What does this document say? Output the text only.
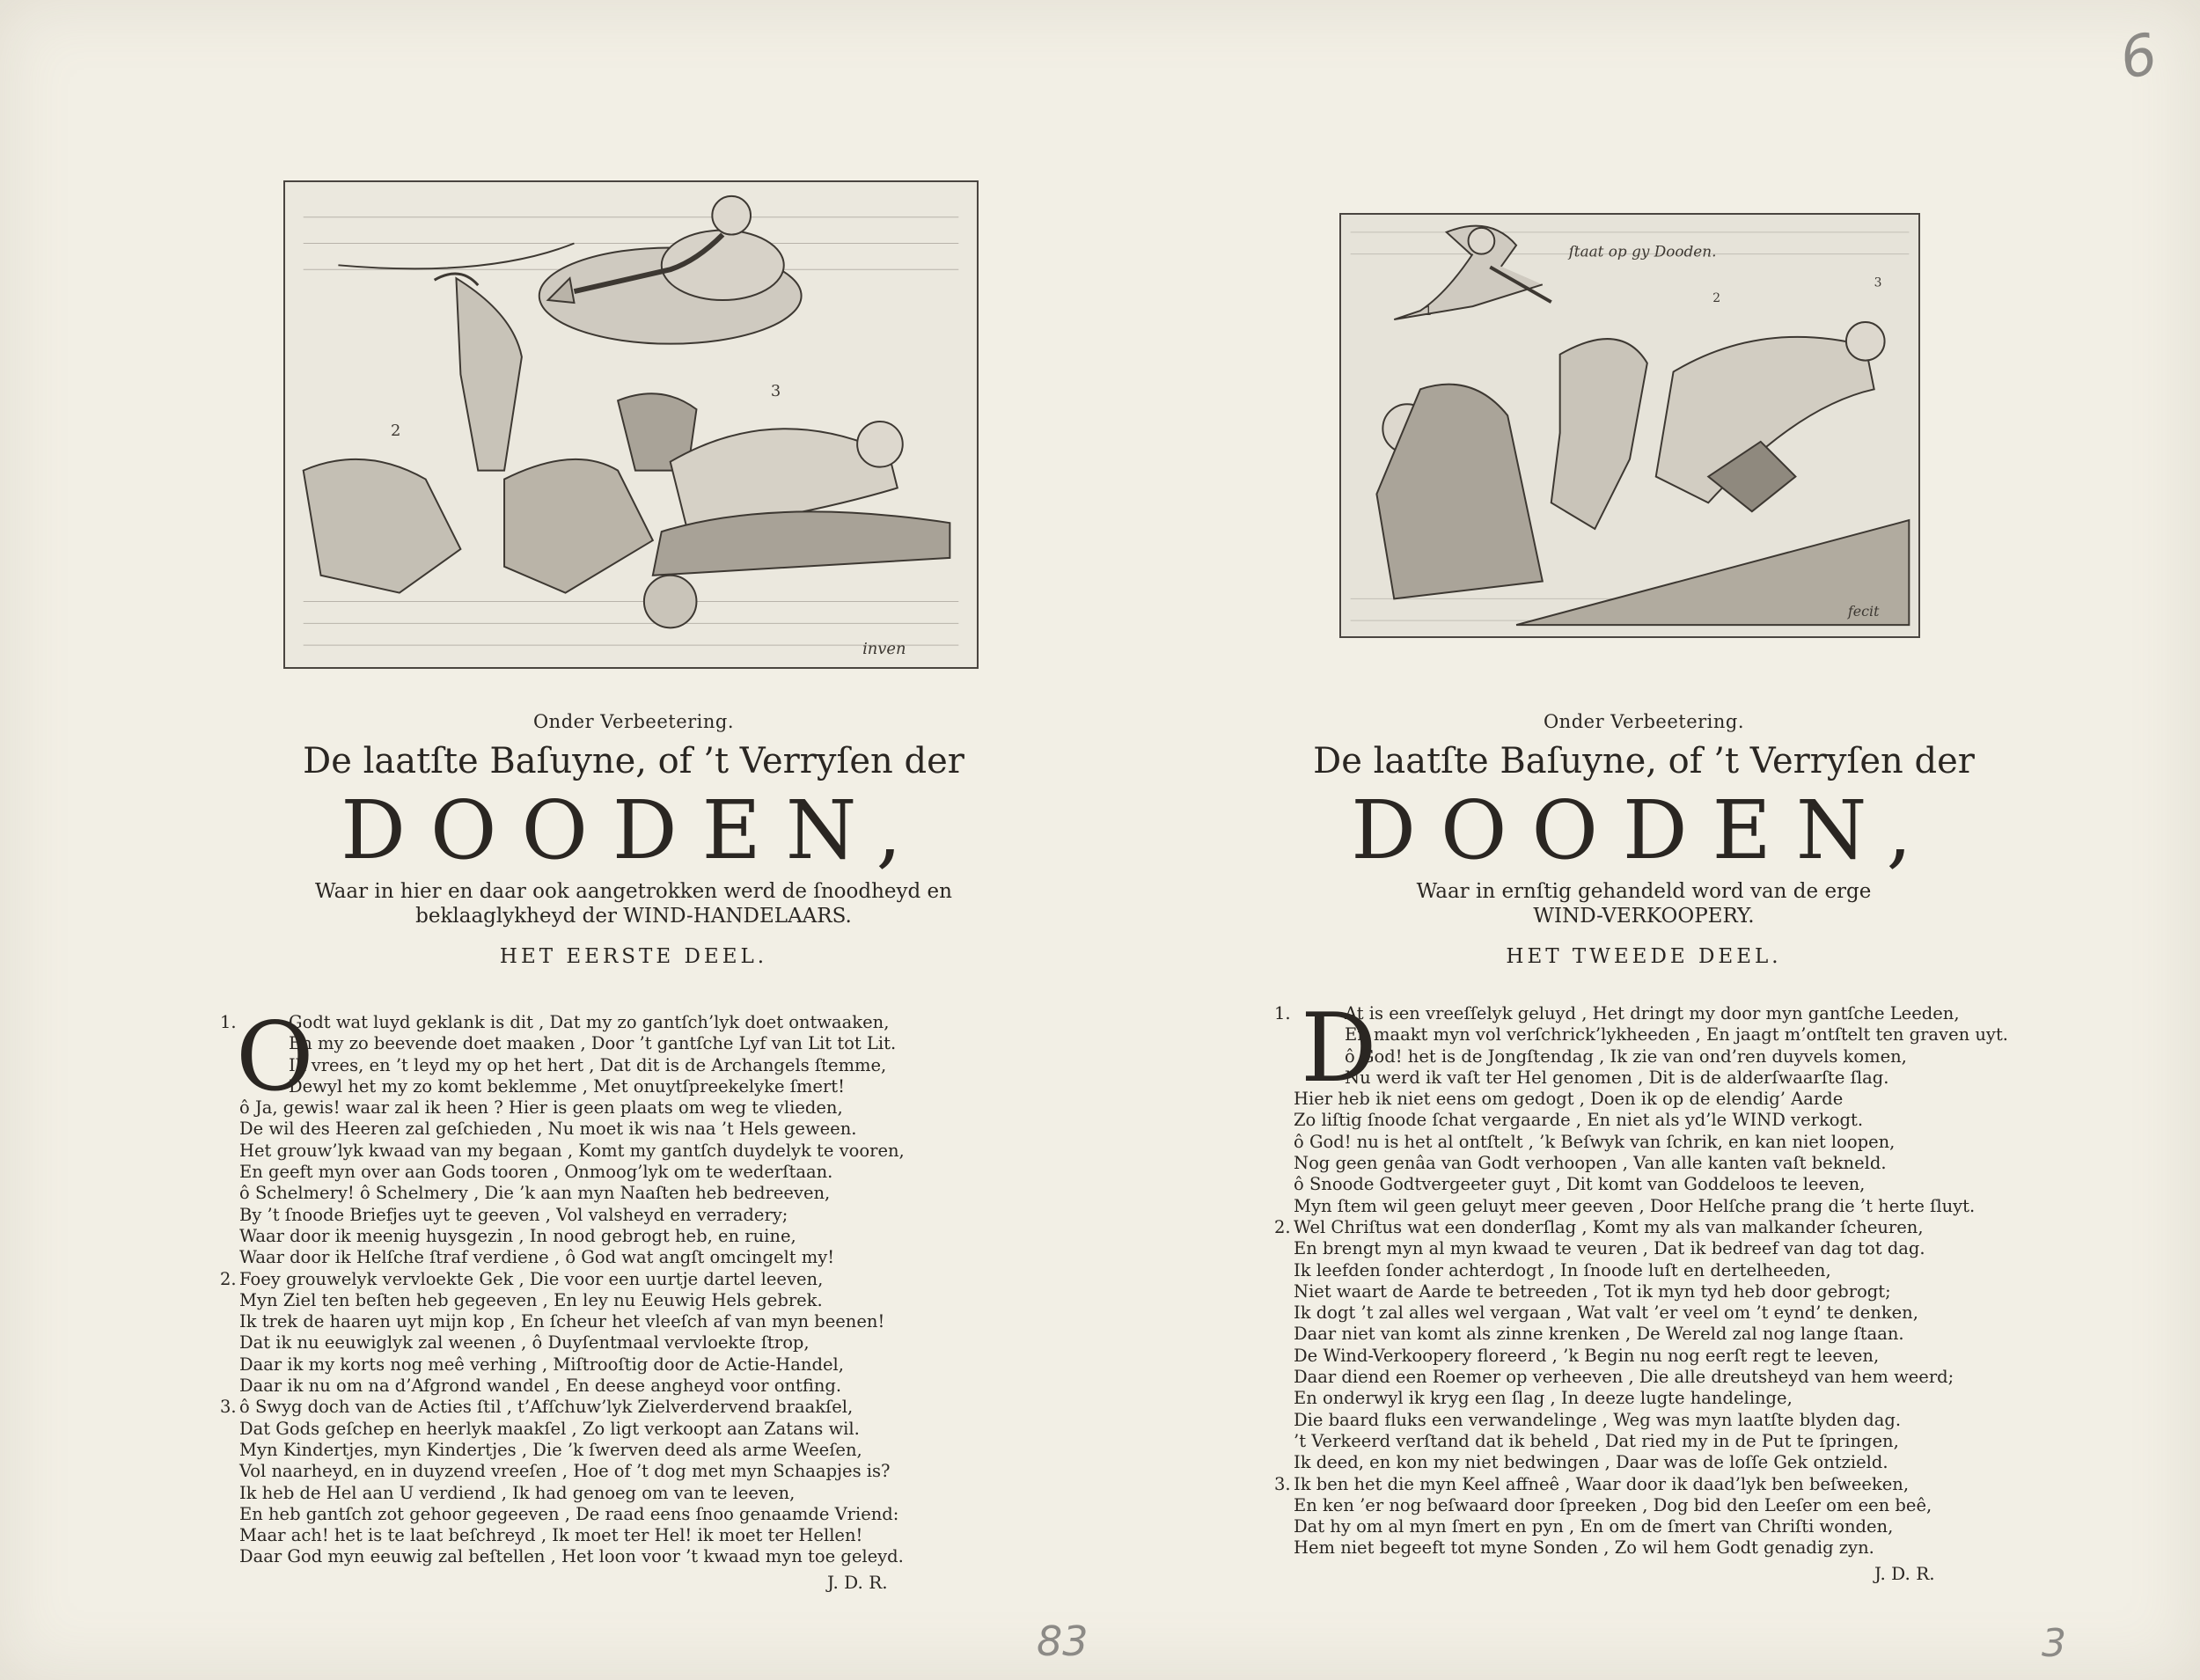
6
83	3
2
3
inven
ſtaat op gy Dooden.
1
2
3
fecit
Onder Verbeetering.
De laatſte Baſuyne, of ’t Verryſen der
DOODEN,
Waar in hier en daar ook aangetrokken werd de ſnoodheyd en
beklaaglykheyd der WIND-HANDELAARS.
HET EERSTE DEEL.
Onder Verbeetering.
De laatſte Baſuyne, of ’t Verryſen der
DOODEN,
Waar in ernſtig gehandeld word van de erge
WIND-VERKOOPERY.
HET TWEEDE DEEL.
O
1.	Godt wat luyd geklank is dit , Dat my zo gantſch’lyk doet ontwaaken,
En my zo beevende doet maaken , Door ’t gantſche Lyf van Lit tot Lit.
Ik vrees, en ’t leyd my op het hert , Dat dit is de Archangels ſtemme,
Dewyl het my zo komt beklemme , Met onuytſpreekelyke ſmert!
ô Ja, gewis! waar zal ik heen ? Hier is geen plaats om weg te vlieden,
De wil des Heeren zal geſchieden , Nu moet ik wis naa ’t Hels geween.
Het grouw’lyk kwaad van my begaan , Komt my gantſch duydelyk te vooren,
En geeft myn over aan Gods tooren , Onmoog’lyk om te wederſtaan.
ô Schelmery! ô Schelmery , Die ’k aan myn Naaſten heb bedreeven,
By ’t ſnoode Briefjes uyt te geeven , Vol valsheyd en verradery;
Waar door ik meenig huysgezin , In nood gebrogt heb, en ruine,
Waar door ik Helſche ſtraf verdiene , ô God wat angſt omcingelt my!
2. Foey grouwelyk vervloekte Gek , Die voor een uurtje dartel leeven,
Myn Ziel ten beſten heb gegeeven , En ley nu Eeuwig Hels gebrek.
Ik trek de haaren uyt mijn kop , En ſcheur het vleeſch af van myn beenen!
Dat ik nu eeuwiglyk zal weenen , ô Duyſentmaal vervloekte ſtrop,
Daar ik my korts nog meê verhing , Miſtrooſtig door de Actie-Handel,
Daar ik nu om na d’Afgrond wandel , En deese angheyd voor ontfing.
3. ô Swyg doch van de Acties ſtil , t’Afſchuw’lyk Zielverdervend braakſel,
Dat Gods geſchep en heerlyk maakſel , Zo ligt verkoopt aan Zatans wil.
Myn Kindertjes, myn Kindertjes , Die ’k ſwerven deed als arme Weeſen,
Vol naarheyd, en in duyzend vreeſen , Hoe of ’t dog met myn Schaapjes is?
Ik heb de Hel aan U verdiend , Ik had genoeg om van te leeven,
En heb gantſch zot gehoor gegeeven , De raad eens ſnoo genaamde Vriend:
Maar ach! het is te laat beſchreyd , Ik moet ter Hel! ik moet ter Hellen!
Daar God myn eeuwig zal beſtellen , Het loon voor ’t kwaad myn toe geleyd.
J. D. R.
D
1.	At is een vreeſſelyk geluyd , Het dringt my door myn gantſche Leeden,
En maakt myn vol verſchrick’lykheeden , En jaagt m’ontſtelt ten graven uyt.
ô God! het is de Jongſtendag , Ik zie van ond’ren duyvels komen,
Nu werd ik vaſt ter Hel genomen , Dit is de alderſwaarſte ſlag.
Hier heb ik niet eens om gedogt , Doen ik op de elendig’ Aarde
Zo liſtig ſnoode ſchat vergaarde , En niet als yd’le WIND verkogt.
ô God! nu is het al ontſtelt , ’k Beſwyk van ſchrik, en kan niet loopen,
Nog geen genâa van Godt verhoopen , Van alle kanten vaſt bekneld.
ô Snoode Godtvergeeter guyt , Dit komt van Goddeloos te leeven,
Myn ſtem wil geen geluyt meer geeven , Door Helſche prang die ’t herte ſluyt.
2. Wel Chriſtus wat een donderſlag , Komt my als van malkander ſcheuren,
En brengt myn al myn kwaad te veuren , Dat ik bedreef van dag tot dag.
Ik leefden ſonder achterdogt , In ſnoode luſt en dertelheeden,
Niet waart de Aarde te betreeden , Tot ik myn tyd heb door gebrogt;
Ik dogt ’t zal alles wel vergaan , Wat valt ’er veel om ’t eynd’ te denken,
Daar niet van komt als zinne krenken , De Wereld zal nog lange ſtaan.
De Wind-Verkoopery floreerd , ’k Begin nu nog eerſt regt te leeven,
Daar diend een Roemer op verheeven , Die alle dreutsheyd van hem weerd;
En onderwyl ik kryg een ſlag , In deeze lugte handelinge,
Die baard fluks een verwandelinge , Weg was myn laatſte blyden dag.
’t Verkeerd verſtand dat ik beheld , Dat ried my in de Put te ſpringen,
Ik deed, en kon my niet bedwingen , Daar was de loſſe Gek ontzield.
3. Ik ben het die myn Keel affneê , Waar door ik daad’lyk ben beſweeken,
En ken ’er nog beſwaard door ſpreeken , Dog bid den Leeſer om een beê,
Dat hy om al myn ſmert en pyn , En om de ſmert van Chriſti wonden,
Hem niet begeeft tot myne Sonden , Zo wil hem Godt genadig zyn.
J. D. R.
